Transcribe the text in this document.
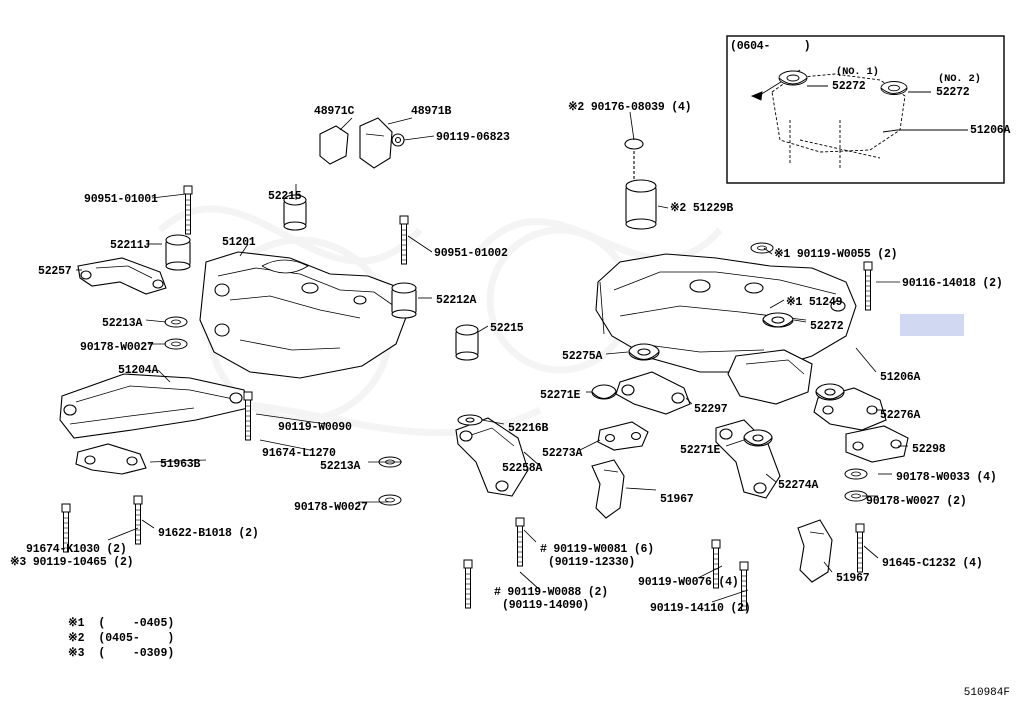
48971C	48971B
90119-06823
※2 90176-08039 (4)
90951-01001	52215
90951-01002
※2 51229B
52211J	51201
52257
※1 90119-W0055 (2)
90116-14018 (2)
52212A	※1 51249
52213A	52215	52272
90178-W0027
52275A
51204A
51206A
52271E
52297	52276A
90119-W0090	52216B
51963B
91674-L1270	52273A	52271E	52298
52213A	52258A
90178-W0033 (4)
51967
52274A
90178-W0027 (2)
90178-W0027
91622-B1018 (2)
# 90119-W0081 (6)
(90119-12330)
91674-K1030 (2)
※3 90119-10465 (2)	91645-C1232 (4)
51967
90119-W0076 (4)
# 90119-W0088 (2)
(90119-14090)	90119-14110 (2)
(0604-     )
(NO. 1)
(NO. 2)
52272	52272
51206A
※1  (    -0405)
※2  (0405-    )
※3  (    -0309)
510984F
